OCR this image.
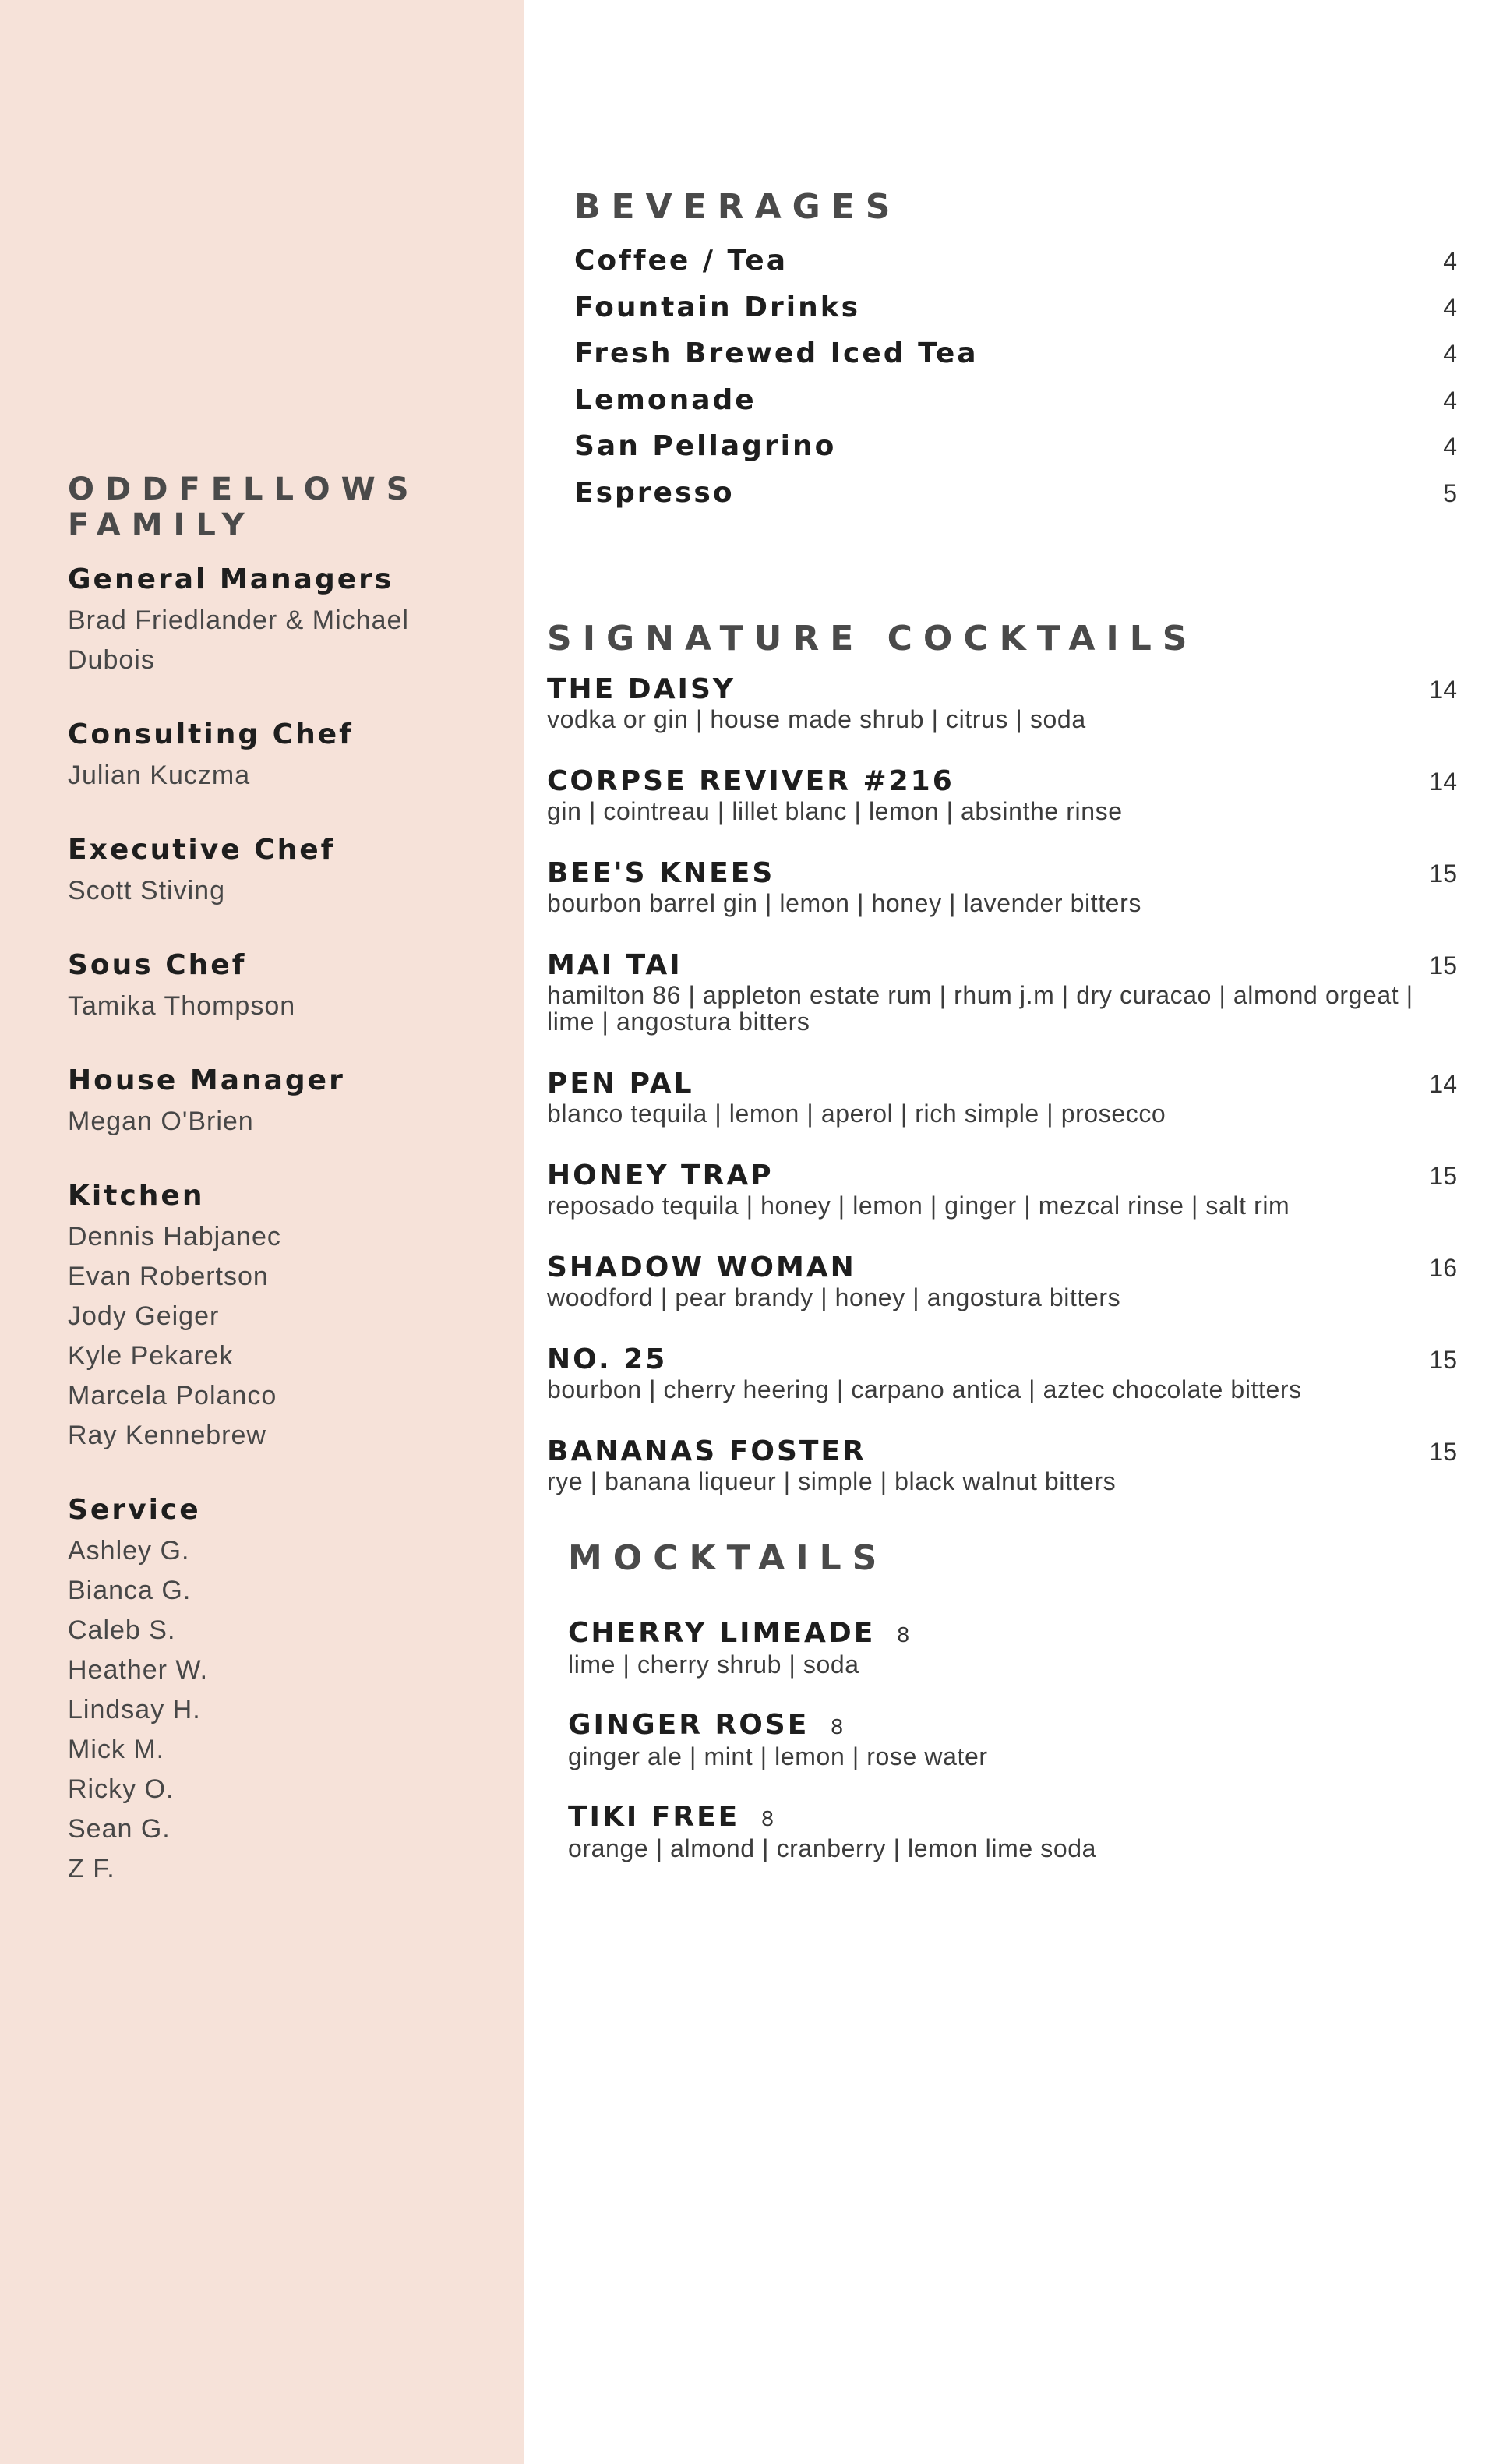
ODDFELLOWS FAMILY
General Managers
Brad Friedlander & Michael Dubois
Consulting Chef
Julian Kuczma
Executive Chef
Scott Stiving
Sous Chef
Tamika Thompson
House Manager
Megan O'Brien
Kitchen
Dennis Habjanec
Evan Robertson
Jody Geiger
Kyle Pekarek
Marcela Polanco
Ray Kennebrew
Service
Ashley G.
Bianca G.
Caleb S.
Heather W.
Lindsay H.
Mick M.
Ricky O.
Sean G.
Z F.
BEVERAGES
Coffee / Tea	4
Fountain Drinks	4
Fresh Brewed Iced Tea	4
Lemonade	4
San Pellagrino	4
Espresso	5
SIGNATURE COCKTAILS
THE DAISY	14
vodka or gin | house made shrub | citrus | soda
CORPSE REVIVER #216	14
gin | cointreau | lillet blanc | lemon | absinthe rinse
BEE'S KNEES	15
bourbon barrel gin | lemon | honey | lavender bitters
MAI TAI	15
hamilton 86 | appleton estate rum | rhum j.m | dry curacao | almond orgeat | lime | angostura bitters
PEN PAL	14
blanco tequila | lemon | aperol | rich simple | prosecco
HONEY TRAP	15
reposado tequila | honey | lemon | ginger | mezcal rinse | salt rim
SHADOW WOMAN	16
woodford | pear brandy | honey | angostura bitters
NO. 25	15
bourbon | cherry heering | carpano antica | aztec chocolate bitters
BANANAS FOSTER	15
rye | banana liqueur | simple | black walnut bitters
MOCKTAILS
CHERRY LIMEADE 8
lime | cherry shrub | soda
GINGER ROSE 8
ginger ale | mint | lemon | rose water
TIKI FREE 8
orange | almond | cranberry | lemon lime soda
